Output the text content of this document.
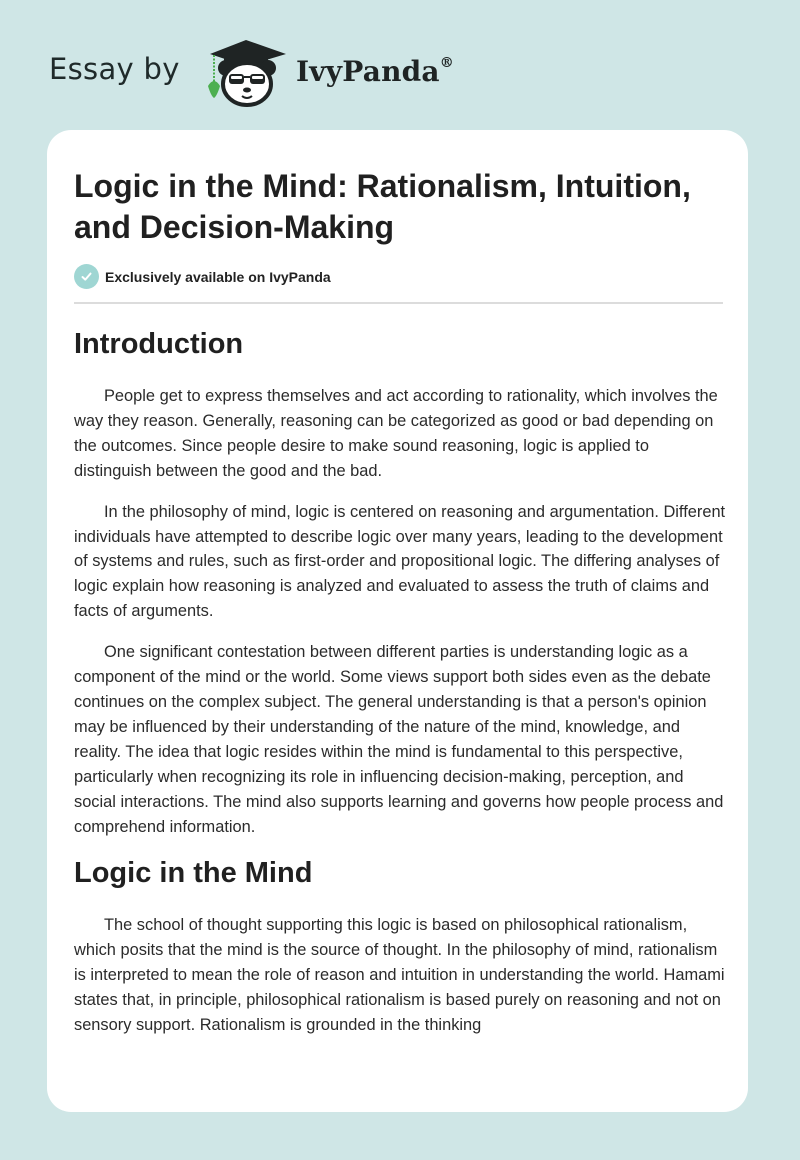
Essay by	IvyPanda®
Logic in the Mind: Rationalism, Intuition, and Decision-Making
Exclusively available on IvyPanda
Introduction

People get to express themselves and act according to rationality, which involves the way they reason. Generally, reasoning can be categorized as good or bad depending on the outcomes. Since people desire to make sound reasoning, logic is applied to distinguish between the good and the bad.

In the philosophy of mind, logic is centered on reasoning and argumentation. Different individuals have attempted to describe logic over many years, leading to the development of systems and rules, such as first-order and propositional logic. The differing analyses of logic explain how reasoning is analyzed and evaluated to assess the truth of claims and facts of arguments.

One significant contestation between different parties is understanding logic as a component of the mind or the world. Some views support both sides even as the debate continues on the complex subject. The general understanding is that a person's opinion may be influenced by their understanding of the nature of the mind, knowledge, and reality. The idea that logic resides within the mind is fundamental to this perspective, particularly when recognizing its role in influencing decision-making, perception, and social interactions. The mind also supports learning and governs how people process and comprehend information.

Logic in the Mind

The school of thought supporting this logic is based on philosophical rationalism, which posits that the mind is the source of thought. In the philosophy of mind, rationalism is interpreted to mean the role of reason and intuition in understanding the world. Hamami states that, in principle, philosophical rationalism is based purely on reasoning and not on sensory support. Rationalism is grounded in the thinking
